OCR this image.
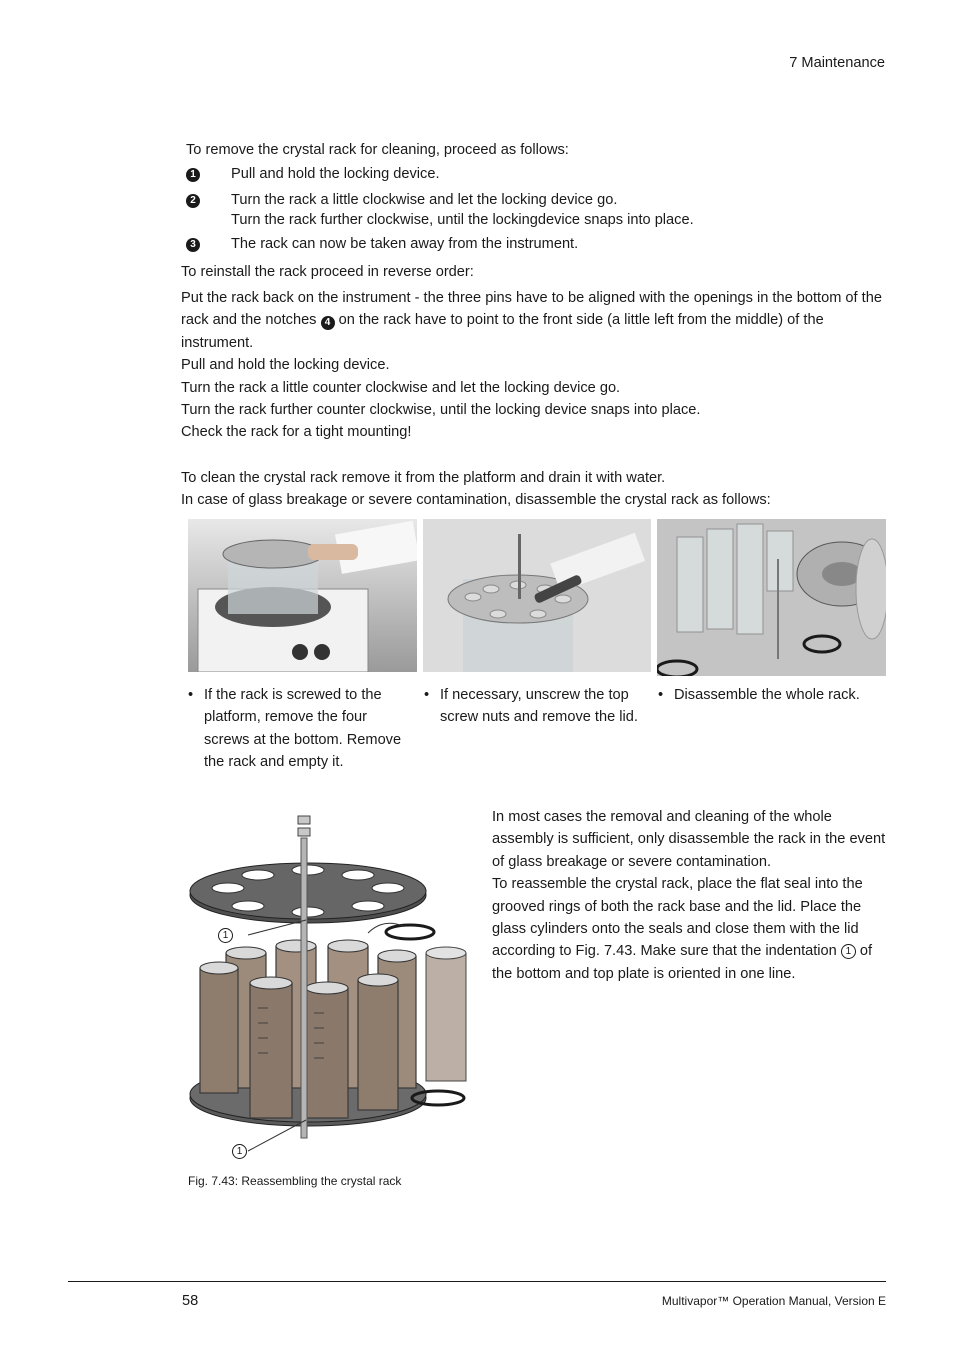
7 Maintenance
To remove the crystal rack for cleaning, proceed as follows:
1 Pull and hold the locking device.
2 Turn the rack a little clockwise and let the locking device go.
Turn the rack further clockwise, until the lockingdevice snaps into place.
3 The rack can now be taken away from the instrument.
To reinstall the rack proceed in reverse order:

Put the rack back on the instrument - the three pins have to be aligned with the openings in the bottom of the rack and the notches 4 on the rack have to point to the front side (a little left from the middle) of the instrument.

Pull and hold the locking device.

Turn the rack a little counter clockwise and let the locking device go.

Turn the rack further counter clockwise, until the locking device snaps into place.

Check the rack for a tight mounting!

To clean the crystal rack remove it from the platform and drain it with water.

In case of glass breakage or severe contamination, disassemble the crystal rack as follows:

• If the rack is screwed to the platform, remove the four screws at the bottom. Remove the rack and empty it.
• If necessary, unscrew the top screw nuts and remove the lid.
• Disassemble the whole rack.
1
1
Fig. 7.43: Reassembling the crystal rack

In most cases the removal and cleaning of the whole assembly is sufficient, only disassemble the rack in the event of glass breakage or severe contamination.

To reassemble the crystal rack, place the flat seal into the grooved rings of both the rack base and the lid. Place the glass cylinders onto the seals and close them with the lid according to Fig. 7.43. Make sure that the indentation 1 of the bottom and top plate is oriented in one line.

58	Multivapor™ Operation Manual, Version E
